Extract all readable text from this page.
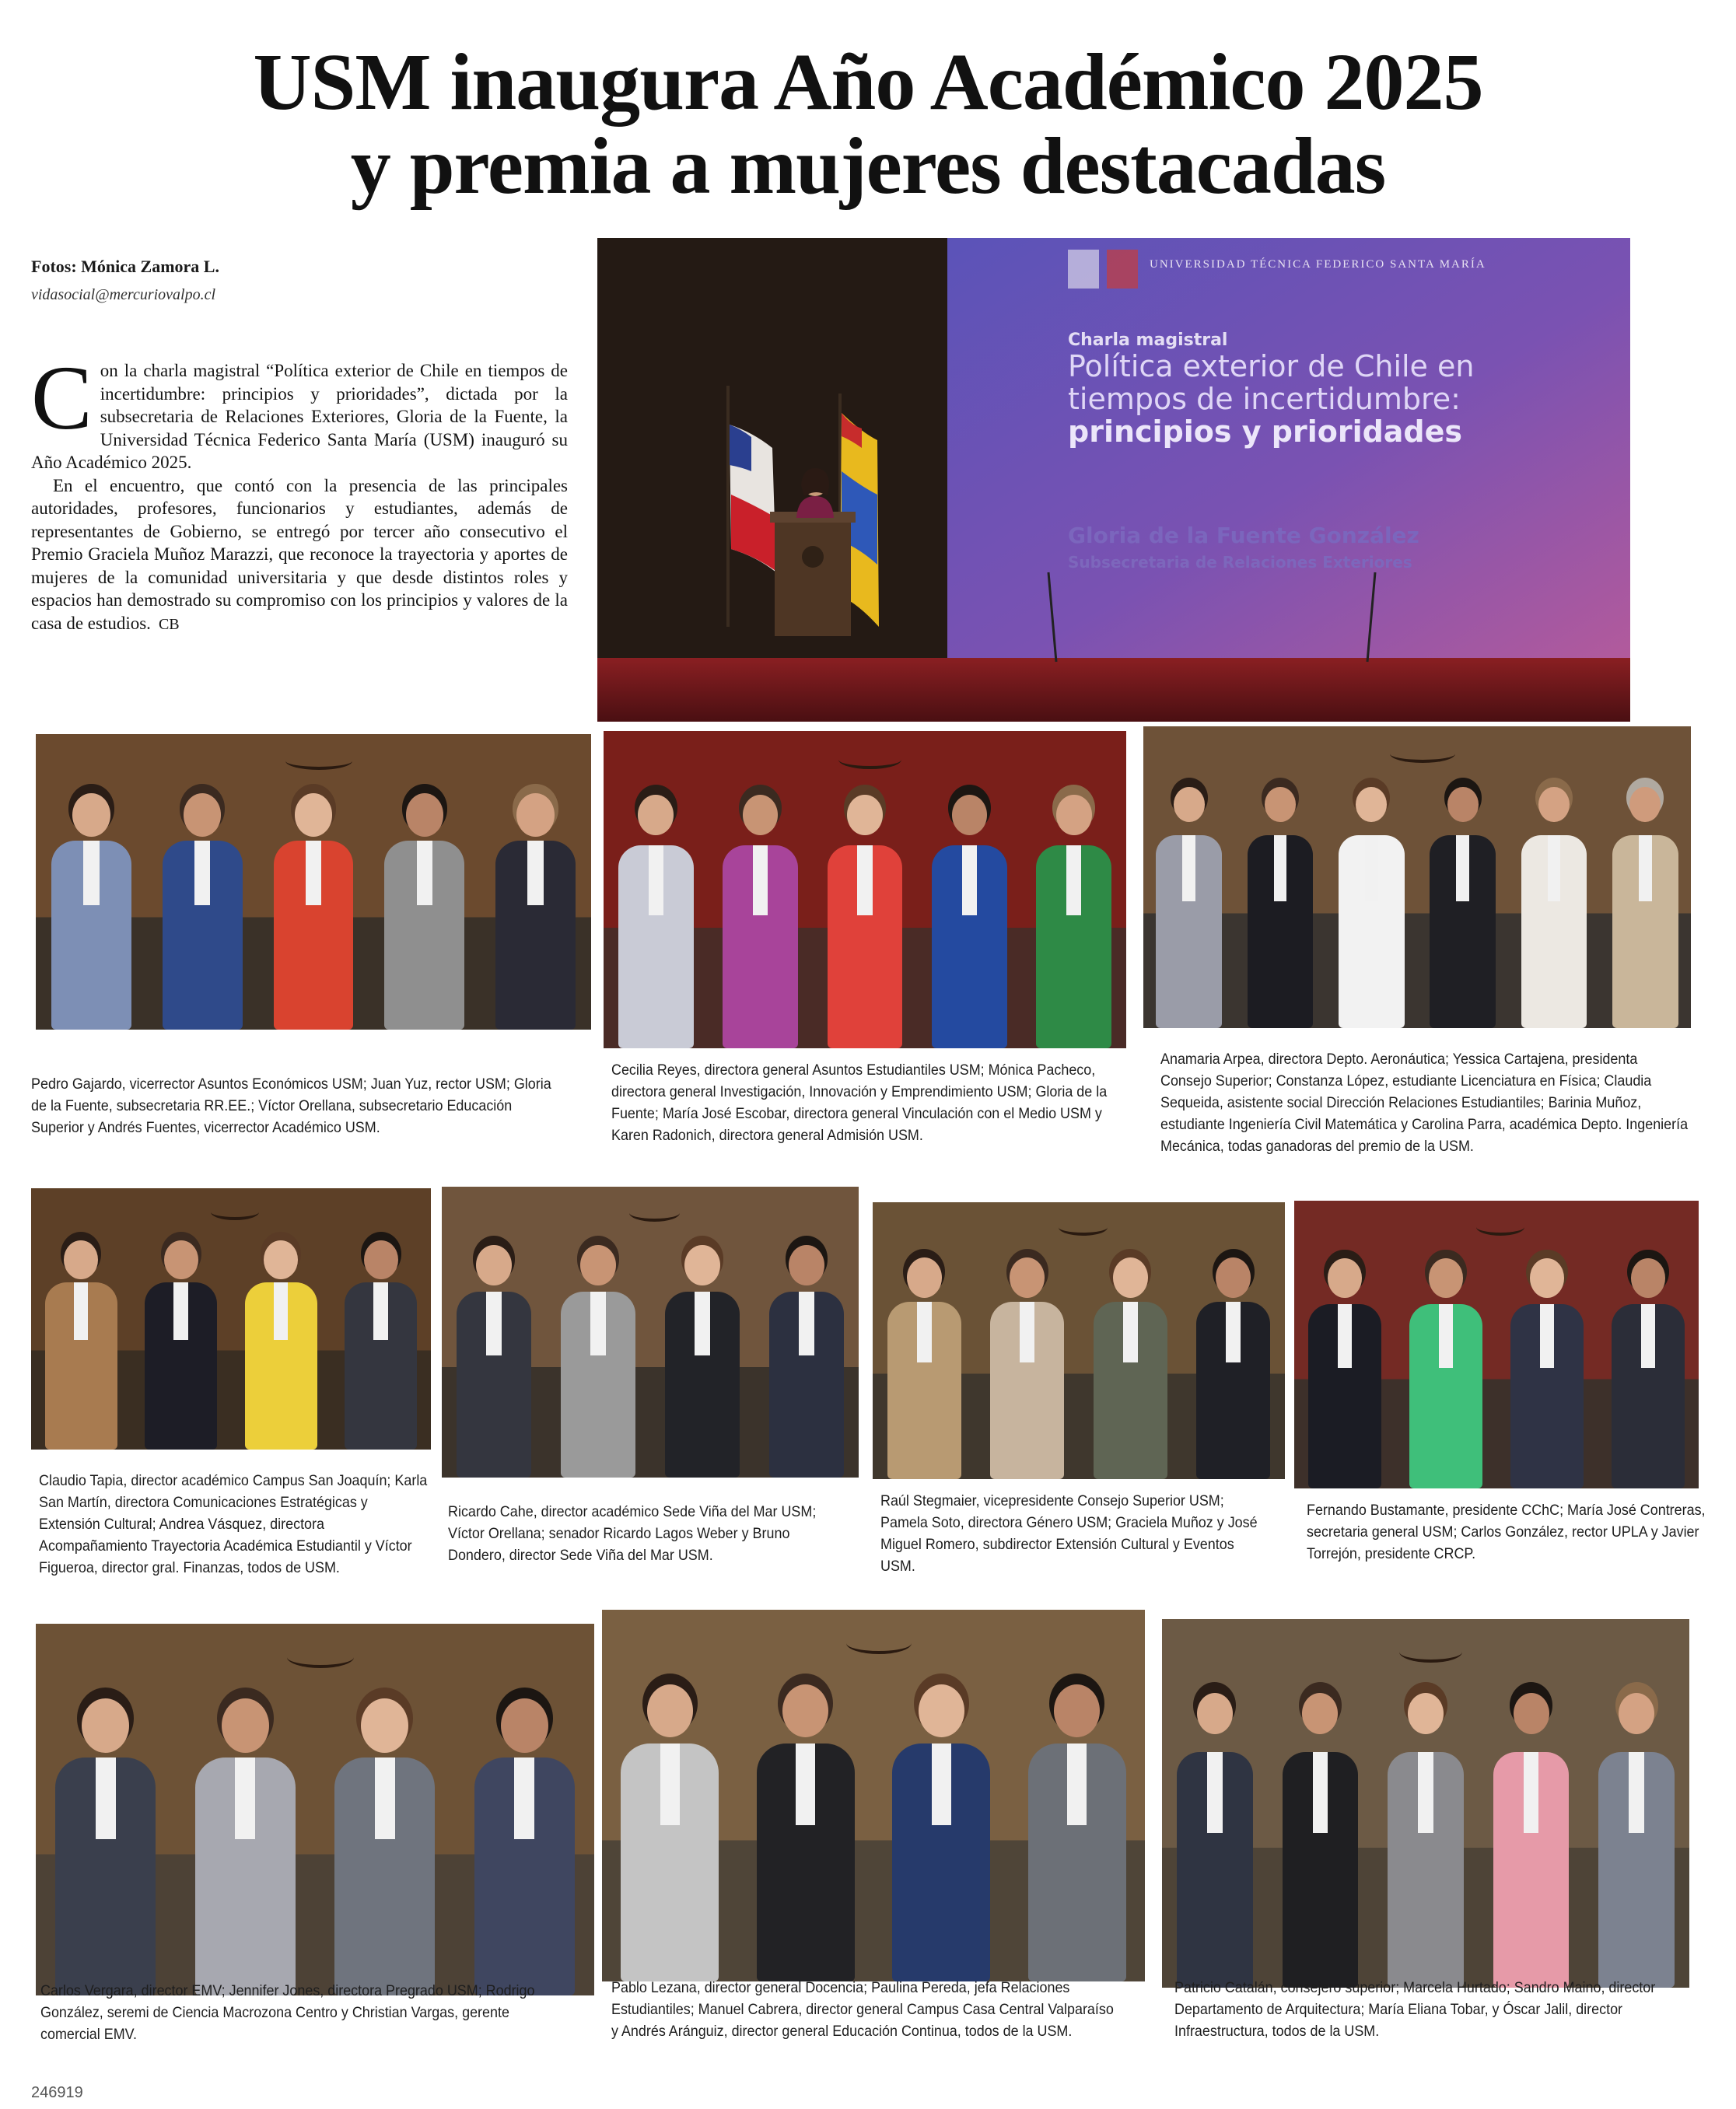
USM inaugura Año Académico 2025
y premia a mujeres destacadas
Fotos: Mónica Zamora L.
vidasocial@mercuriovalpo.cl

Con la charla magistral “Política exterior de Chile en tiempos de incertidumbre: principios y prioridades”, dictada por la subsecretaria de Relaciones Exteriores, Gloria de la Fuente, la Universidad Técnica Federico Santa María (USM) inauguró su Año Académico 2025.

En el encuentro, que contó con la presencia de las principales autoridades, profesores, funcionarios y estudiantes, además de representantes de Gobierno, se entregó por tercer año consecutivo el Premio Graciela Muñoz Marazzi, que reconoce la trayectoria y aportes de mujeres de la comunidad universitaria y que desde distintos roles y espacios han demostrado su compromiso con los principios y valores de la casa de estudios. CB

UNIVERSIDAD TÉCNICA FEDERICO SANTA MARÍA
Charla magistral
Política exterior de Chile en
tiempos de incertidumbre:
principios y prioridades
Gloria de la Fuente González
Subsecretaria de Relaciones Exteriores
Pedro Gajardo, vicerrector Asuntos Económicos USM; Juan Yuz, rector USM; Gloria de la Fuente, subsecretaria RR.EE.; Víctor Orellana, subsecretario Educación Superior y Andrés Fuentes, vicerrector Académico USM.
Cecilia Reyes, directora general Asuntos Estudiantiles USM; Mónica Pacheco, directora general Investigación, Innovación y Emprendimiento USM; Gloria de la Fuente; María José Escobar, directora general Vinculación con el Medio USM y Karen Radonich, directora general Admisión USM.
Anamaria Arpea, directora Depto. Aeronáutica; Yessica Cartajena, presidenta Consejo Superior; Constanza López, estudiante Licenciatura en Física; Claudia Sequeida, asistente social Dirección Relaciones Estudiantiles; Barinia Muñoz, estudiante Ingeniería Civil Matemática y Carolina Parra, académica Depto. Ingeniería Mecánica, todas ganadoras del premio de la USM.
Claudio Tapia, director académico Campus San Joaquín; Karla San Martín, directora Comunicaciones Estratégicas y Extensión Cultural; Andrea Vásquez, directora Acompañamiento Trayectoria Académica Estudiantil y Víctor Figueroa, director gral. Finanzas, todos de USM.
Ricardo Cahe, director académico Sede Viña del Mar USM; Víctor Orellana; senador Ricardo Lagos Weber y Bruno Dondero, director Sede Viña del Mar USM.
Raúl Stegmaier, vicepresidente Consejo Superior USM; Pamela Soto, directora Género USM; Graciela Muñoz y José Miguel Romero, subdirector Extensión Cultural y Eventos USM.
Fernando Bustamante, presidente CChC; María José Contreras, secretaria general USM; Carlos González, rector UPLA y Javier Torrejón, presidente CRCP.
Carlos Vergara, director EMV; Jennifer Jones, directora Pregrado USM; Rodrigo González, seremi de Ciencia Macrozona Centro y Christian Vargas, gerente comercial EMV.
Pablo Lezana, director general Docencia; Paulina Pereda, jefa Relaciones Estudiantiles; Manuel Cabrera, director general Campus Casa Central Valparaíso y Andrés Aránguiz, director general Educación Continua, todos de la USM.
Patricio Catalán, consejero superior; Marcela Hurtado; Sandro Maino, director Departamento de Arquitectura; María Eliana Tobar, y Óscar Jalil, director Infraestructura, todos de la USM.
246919
